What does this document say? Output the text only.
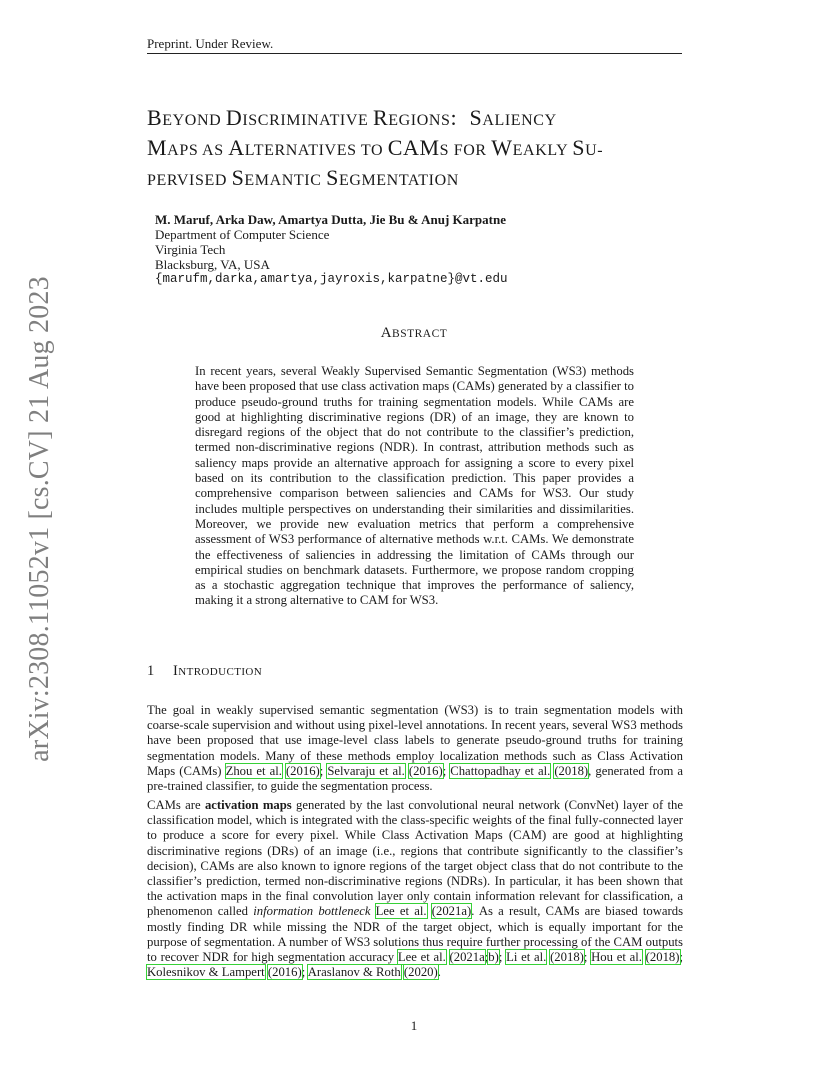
Preprint. Under Review.
arXiv:2308.11052v1 [cs.CV] 21 Aug 2023
BEYOND DISCRIMINATIVE REGIONS:  SALIENCY
MAPS AS ALTERNATIVES TO CAMS FOR WEAKLY SU-
PERVISED SEMANTIC SEGMENTATION
M. Maruf, Arka Daw, Amartya Dutta, Jie Bu & Anuj Karpatne
Department of Computer Science
Virginia Tech
Blacksburg, VA, USA
{marufm,darka,amartya,jayroxis,karpatne}@vt.edu
ABSTRACT
In recent years, several Weakly Supervised Semantic Segmentation (WS3) methods have been proposed that use class activation maps (CAMs) generated by a classifier to produce pseudo-ground truths for training segmentation models. While CAMs are good at highlighting discriminative regions (DR) of an image, they are known to disregard regions of the object that do not contribute to the classifier’s prediction, termed non-discriminative regions (NDR). In contrast, attribution methods such as saliency maps provide an alternative approach for assigning a score to every pixel based on its contribution to the classification prediction. This paper provides a comprehensive comparison between saliencies and CAMs for WS3. Our study includes multiple perspectives on understanding their similarities and dissimilarities. Moreover, we provide new evaluation metrics that perform a comprehensive assessment of WS3 performance of alternative methods w.r.t. CAMs. We demonstrate the effectiveness of saliencies in addressing the limitation of CAMs through our empirical studies on benchmark datasets. Furthermore, we propose random cropping as a stochastic aggregation technique that improves the performance of saliency, making it a strong alternative to CAM for WS3.
1 INTRODUCTION
The goal in weakly supervised semantic segmentation (WS3) is to train segmentation models with coarse-scale supervision and without using pixel-level annotations. In recent years, several WS3 methods have been proposed that use image-level class labels to generate pseudo-ground truths for training segmentation models. Many of these methods employ localization methods such as Class Activation Maps (CAMs) Zhou et al. (2016); Selvaraju et al. (2016); Chattopadhay et al. (2018), generated from a pre-trained classifier, to guide the segmentation process.
CAMs are activation maps generated by the last convolutional neural network (ConvNet) layer of the classification model, which is integrated with the class-specific weights of the final fully-connected layer to produce a score for every pixel. While Class Activation Maps (CAM) are good at highlighting discriminative regions (DRs) of an image (i.e., regions that contribute significantly to the classifier’s decision), CAMs are also known to ignore regions of the target object class that do not contribute to the classifier’s prediction, termed non-discriminative regions (NDRs). In particular, it has been shown that the activation maps in the final convolution layer only contain information relevant for classification, a phenomenon called information bottleneck Lee et al. (2021a). As a result, CAMs are biased towards mostly finding DR while missing the NDR of the target object, which is equally important for the purpose of segmentation. A number of WS3 solutions thus require further processing of the CAM outputs to recover NDR for high segmentation accuracy Lee et al. (2021a;b); Li et al. (2018); Hou et al. (2018); Kolesnikov & Lampert (2016); Araslanov & Roth (2020).
1
